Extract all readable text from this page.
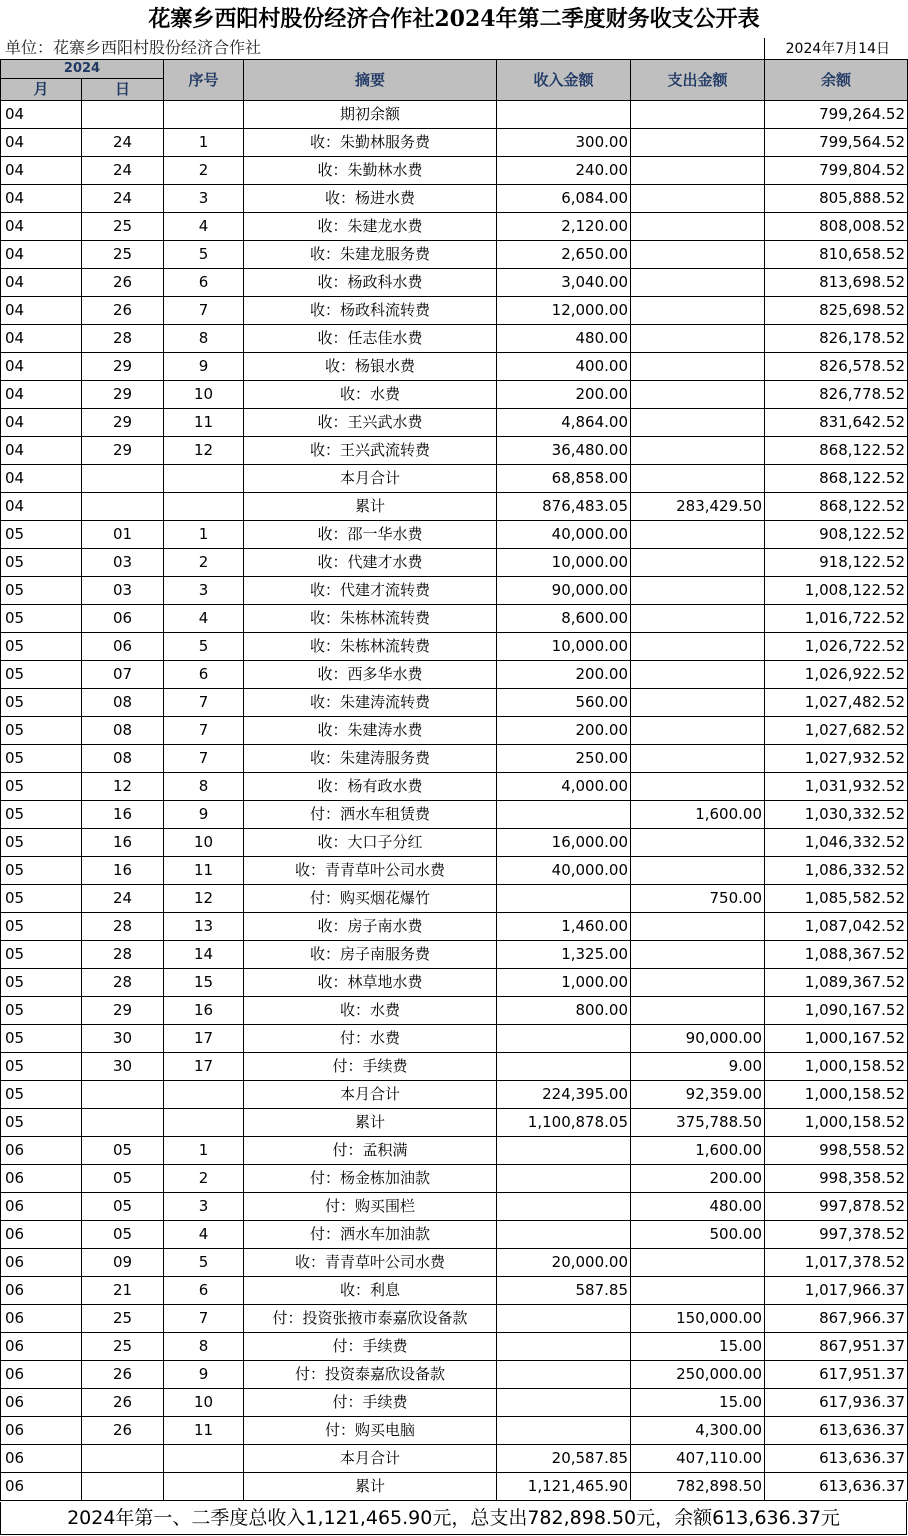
花寨乡西阳村股份经济合作社2024年第二季度财务收支公开表
单位：花寨乡西阳村股份经济合作社	2024年7月14日
2024		序号	摘要	收入金额	支出金额	余额
月	日					
04			期初余额			799,264.52
04	24	1	收：朱勤林服务费	300.00		799,564.52
04	24	2	收：朱勤林水费	240.00		799,804.52
04	24	3	收：杨进水费	6,084.00		805,888.52
04	25	4	收：朱建龙水费	2,120.00		808,008.52
04	25	5	收：朱建龙服务费	2,650.00		810,658.52
04	26	6	收：杨政科水费	3,040.00		813,698.52
04	26	7	收：杨政科流转费	12,000.00		825,698.52
04	28	8	收：任志佳水费	480.00		826,178.52
04	29	9	收：杨银水费	400.00		826,578.52
04	29	10	收：水费	200.00		826,778.52
04	29	11	收：王兴武水费	4,864.00		831,642.52
04	29	12	收：王兴武流转费	36,480.00		868,122.52
04			本月合计	68,858.00		868,122.52
04			累计	876,483.05	283,429.50	868,122.52
05	01	1	收：邵一华水费	40,000.00		908,122.52
05	03	2	收：代建才水费	10,000.00		918,122.52
05	03	3	收：代建才流转费	90,000.00		1,008,122.52
05	06	4	收：朱栋林流转费	8,600.00		1,016,722.52
05	06	5	收：朱栋林流转费	10,000.00		1,026,722.52
05	07	6	收：西多华水费	200.00		1,026,922.52
05	08	7	收：朱建涛流转费	560.00		1,027,482.52
05	08	7	收：朱建涛水费	200.00		1,027,682.52
05	08	7	收：朱建涛服务费	250.00		1,027,932.52
05	12	8	收：杨有政水费	4,000.00		1,031,932.52
05	16	9	付：洒水车租赁费		1,600.00	1,030,332.52
05	16	10	收：大口子分红	16,000.00		1,046,332.52
05	16	11	收：青青草叶公司水费	40,000.00		1,086,332.52
05	24	12	付：购买烟花爆竹		750.00	1,085,582.52
05	28	13	收：房子南水费	1,460.00		1,087,042.52
05	28	14	收：房子南服务费	1,325.00		1,088,367.52
05	28	15	收：林草地水费	1,000.00		1,089,367.52
05	29	16	收：水费	800.00		1,090,167.52
05	30	17	付：水费		90,000.00	1,000,167.52
05	30	17	付：手续费		9.00	1,000,158.52
05			本月合计	224,395.00	92,359.00	1,000,158.52
05			累计	1,100,878.05	375,788.50	1,000,158.52
06	05	1	付：孟积满		1,600.00	998,558.52
06	05	2	付：杨金栋加油款		200.00	998,358.52
06	05	3	付：购买围栏		480.00	997,878.52
06	05	4	付：洒水车加油款		500.00	997,378.52
06	09	5	收：青青草叶公司水费	20,000.00		1,017,378.52
06	21	6	收：利息	587.85		1,017,966.37
06	25	7	付：投资张掖市泰嘉欣设备款		150,000.00	867,966.37
06	25	8	付：手续费		15.00	867,951.37
06	26	9	付：投资泰嘉欣设备款		250,000.00	617,951.37
06	26	10	付：手续费		15.00	617,936.37
06	26	11	付：购买电脑		4,300.00	613,636.37
06			本月合计	20,587.85	407,110.00	613,636.37
06			累计	1,121,465.90	782,898.50	613,636.37
2024年第一、二季度总收入1,121,465.90元，总支出782,898.50元，余额613,636.37元
